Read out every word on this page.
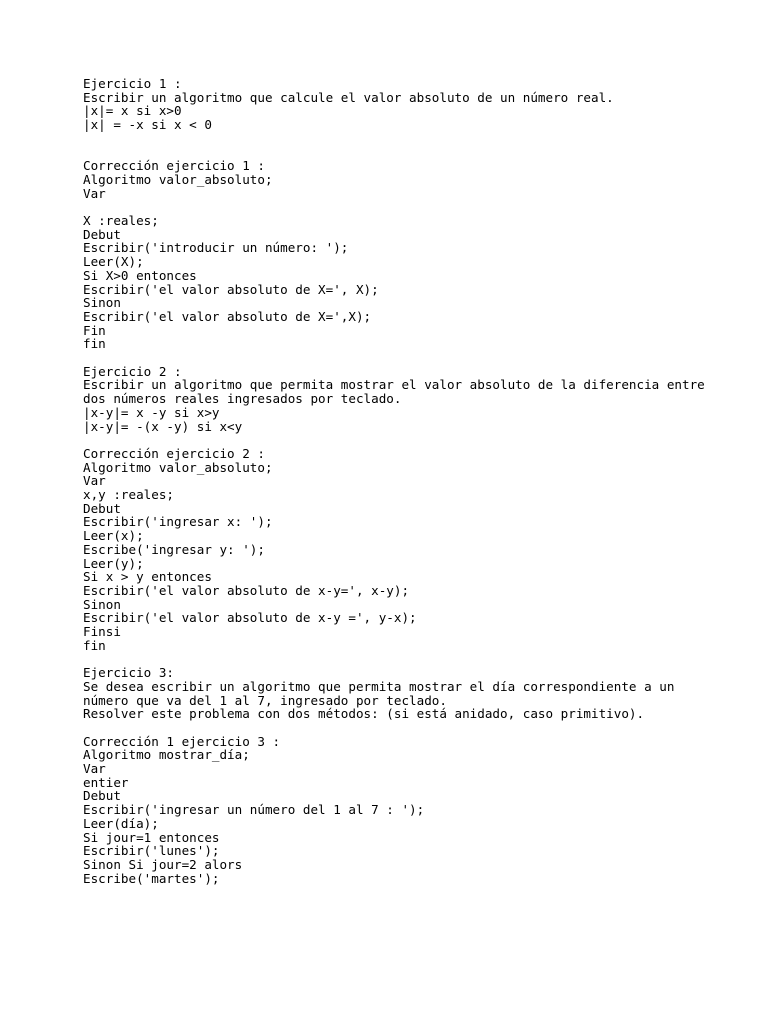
Ejercicio 1 :
Escribir un algoritmo que calcule el valor absoluto de un número real.
|x|= x si x>0
|x| = -x si x < 0
Corrección ejercicio 1 :
Algoritmo valor_absoluto;
Var
X :reales;
Debut
Escribir('introducir un número: ');
Leer(X);
Si X>0 entonces
Escribir('el valor absoluto de X=', X);
Sinon
Escribir('el valor absoluto de X=',X);
Fin
fin
Ejercicio 2 :
Escribir un algoritmo que permita mostrar el valor absoluto de la diferencia entre
dos números reales ingresados por teclado.
|x-y|= x -y si x>y
|x-y|= -(x -y) si x<y
Corrección ejercicio 2 :
Algoritmo valor_absoluto;
Var
x,y :reales;
Debut
Escribir('ingresar x: ');
Leer(x);
Escribe('ingresar y: ');
Leer(y);
Si x > y entonces
Escribir('el valor absoluto de x-y=', x-y);
Sinon
Escribir('el valor absoluto de x-y =', y-x);
Finsi
fin
Ejercicio 3:
Se desea escribir un algoritmo que permita mostrar el día correspondiente a un
número que va del 1 al 7, ingresado por teclado.
Resolver este problema con dos métodos: (si está anidado, caso primitivo).
Corrección 1 ejercicio 3 :
Algoritmo mostrar_día;
Var
entier
Debut
Escribir('ingresar un número del 1 al 7 : ');
Leer(día);
Si jour=1 entonces
Escribir('lunes');
Sinon Si jour=2 alors
Escribe('martes');
